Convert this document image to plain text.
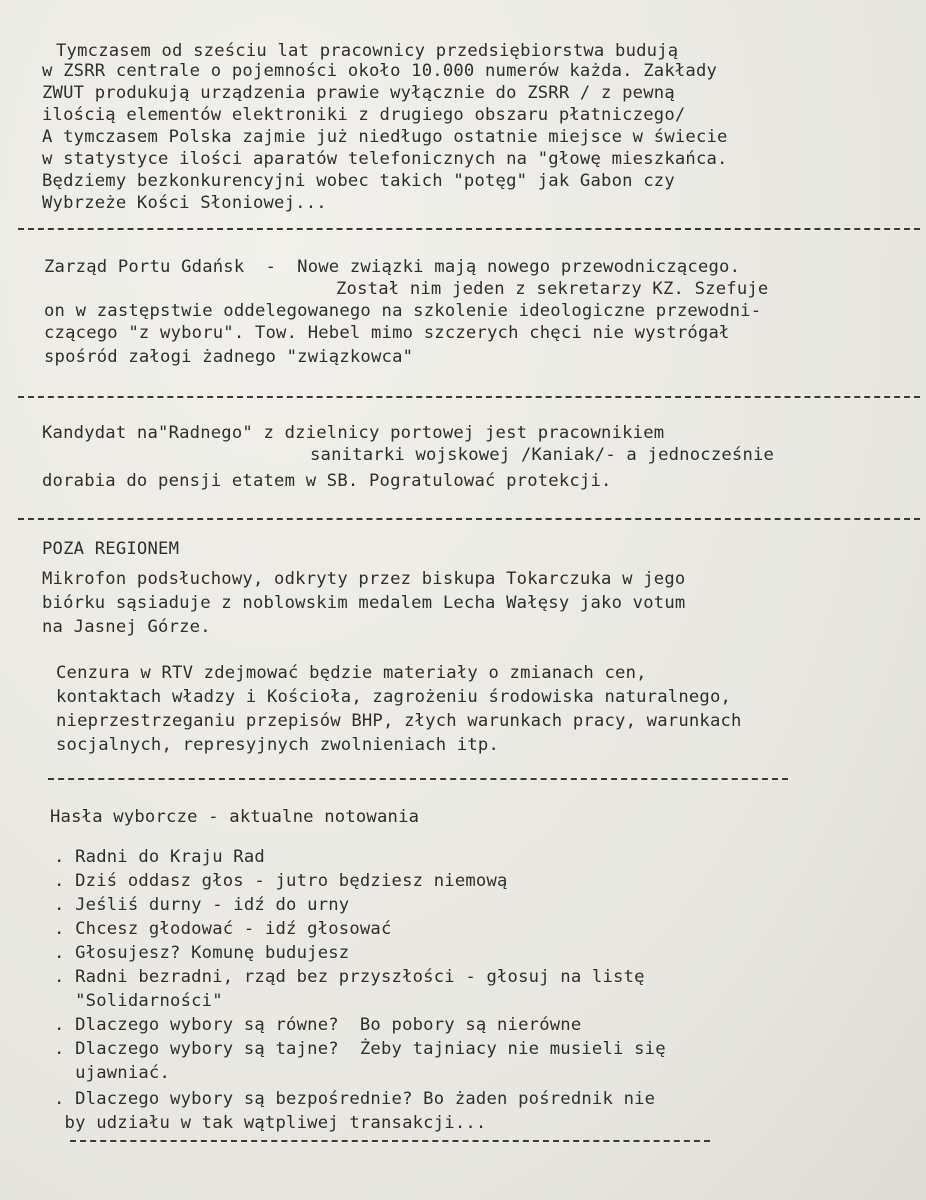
Tymczasem od sześciu lat pracownicy przedsiębiorstwa budują
w ZSRR centrale o pojemności około 10.000 numerów każda. Zakłady
ZWUT produkują urządzenia prawie wyłącznie do ZSRR / z pewną
ilością elementów elektroniki z drugiego obszaru płatniczego/
A tymczasem Polska zajmie już niedługo ostatnie miejsce w świecie
w statystyce ilości aparatów telefonicznych na "głowę mieszkańca.
Będziemy bezkonkurencyjni wobec takich "potęg" jak Gabon czy
Wybrzeże Kości Słoniowej...
Zarząd Portu Gdańsk  -  Nowe związki mają nowego przewodniczącego.
Został nim jeden z sekretarzy KZ. Szefuje
on w zastępstwie oddelegowanego na szkolenie ideologiczne przewodni-
czącego "z wyboru". Tow. Hebel mimo szczerych chęci nie wystrógał
spośród załogi żadnego "związkowca"
Kandydat na"Radnego" z dzielnicy portowej jest pracownikiem
sanitarki wojskowej /Kaniak/- a jednocześnie
dorabia do pensji etatem w SB. Pogratulować protekcji.
POZA REGIONEM
Mikrofon podsłuchowy, odkryty przez biskupa Tokarczuka w jego
biórku sąsiaduje z noblowskim medalem Lecha Wałęsy jako votum
na Jasnej Górze.
Cenzura w RTV zdejmować będzie materiały o zmianach cen,
kontaktach władzy i Kościoła, zagrożeniu środowiska naturalnego,
nieprzestrzeganiu przepisów BHP, złych warunkach pracy, warunkach
socjalnych, represyjnych zwolnieniach itp.
Hasła wyborcze - aktualne notowania
. Radni do Kraju Rad
. Dziś oddasz głos - jutro będziesz niemową
. Jeśliś durny - idź do urny
. Chcesz głodować - idź głosować
. Głosujesz? Komunę budujesz
. Radni bezradni, rząd bez przyszłości - głosuj na listę
"Solidarności"
. Dlaczego wybory są równe?  Bo pobory są nierówne
. Dlaczego wybory są tajne?  Żeby tajniacy nie musieli się
ujawniać.
. Dlaczego wybory są bezpośrednie? Bo żaden pośrednik nie
by udziału w tak wątpliwej transakcji...
